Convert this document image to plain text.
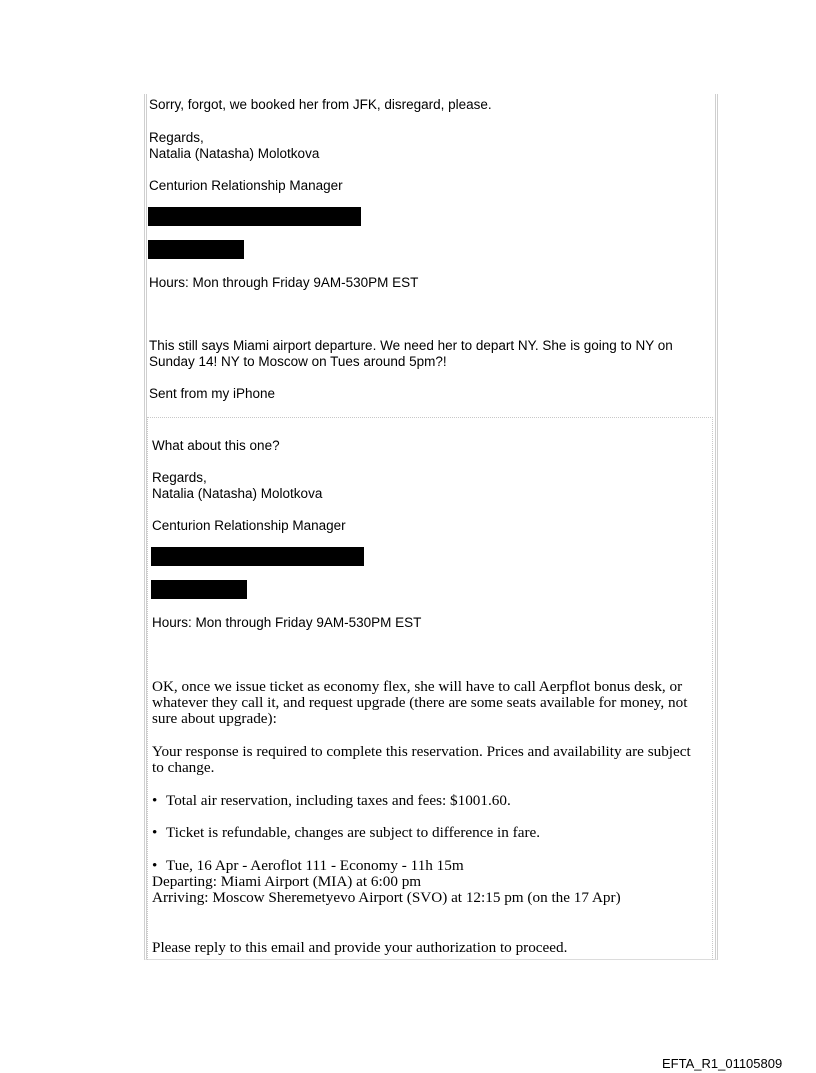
Sorry, forgot, we booked her from JFK, disregard, please.

Regards,

Natalia (Natasha) Molotkova

Centurion Relationship Manager

Hours: Mon through Friday 9AM-530PM EST

This still says Miami airport departure. We need her to depart NY. She is going to NY on Sunday 14! NY to Moscow on Tues around 5pm?!

Sent from my iPhone

What about this one?

Regards,

Natalia (Natasha) Molotkova

Centurion Relationship Manager

Hours: Mon through Friday 9AM-530PM EST

OK, once we issue ticket as economy flex, she will have to call Aerpflot bonus desk, or whatever they call it, and request upgrade (there are some seats available for money, not sure about upgrade):

Your response is required to complete this reservation. Prices and availability are subject to change.

• Total air reservation, including taxes and fees: $1001.60.

• Ticket is refundable, changes are subject to difference in fare.

• Tue, 16 Apr - Aeroflot 111 - Economy - 11h 15m

Departing: Miami Airport (MIA) at 6:00 pm

Arriving: Moscow Sheremetyevo Airport (SVO) at 12:15 pm (on the 17 Apr)

Please reply to this email and provide your authorization to proceed.

EFTA_R1_01105809
